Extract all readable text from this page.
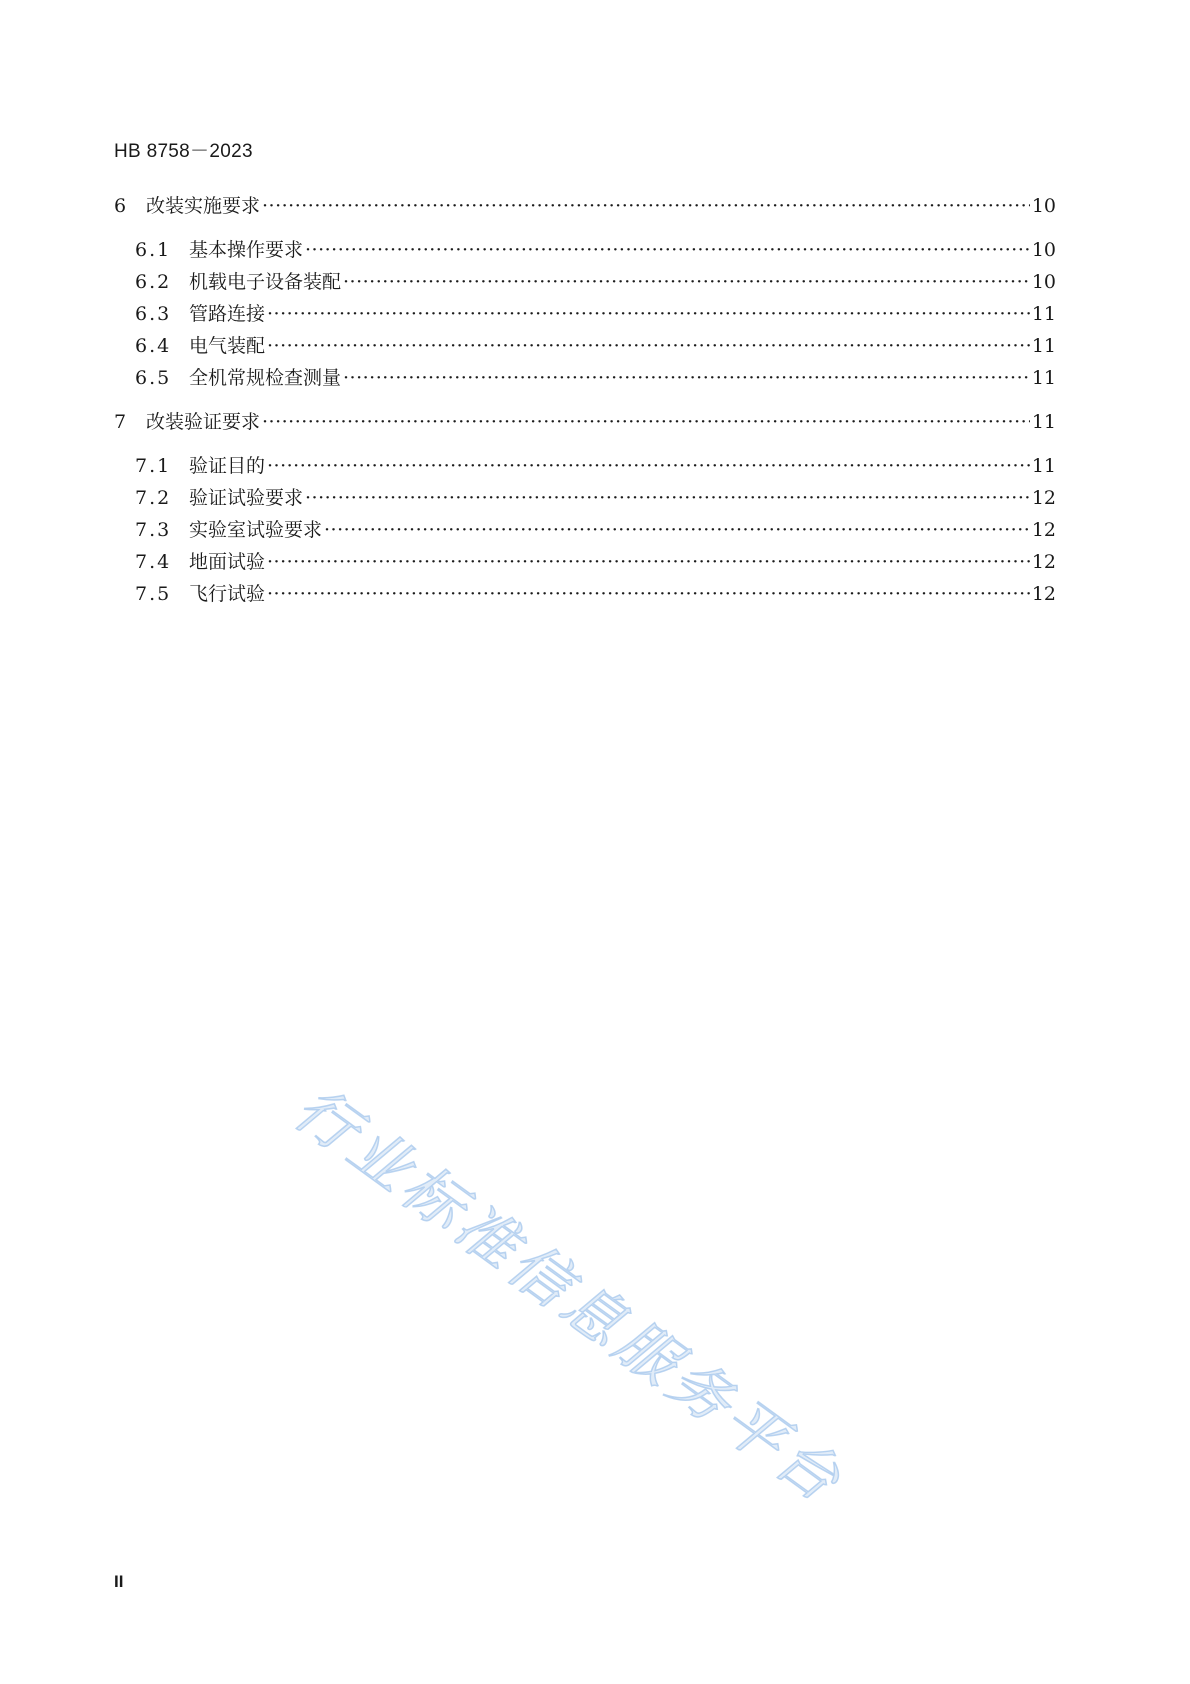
HB 8758－2023
6	改装实施要求 ·····	10
6.1 基本操作要求 ·····	10
6.2 机载电子设备装配 ·····	10
6.3 管路连接 ·····	11
6.4 电气装配 ·····	11
6.5 全机常规检查测量 ·····	11
7	改装验证要求 ·····	11
7.1 验证目的 ·····	11
7.2 验证试验要求 ·····	12
7.3 实验室试验要求 ·····	12
7.4 地面试验 ·····	12
7.5 飞行试验 ·····	12
行业标准信息服务平台
II
